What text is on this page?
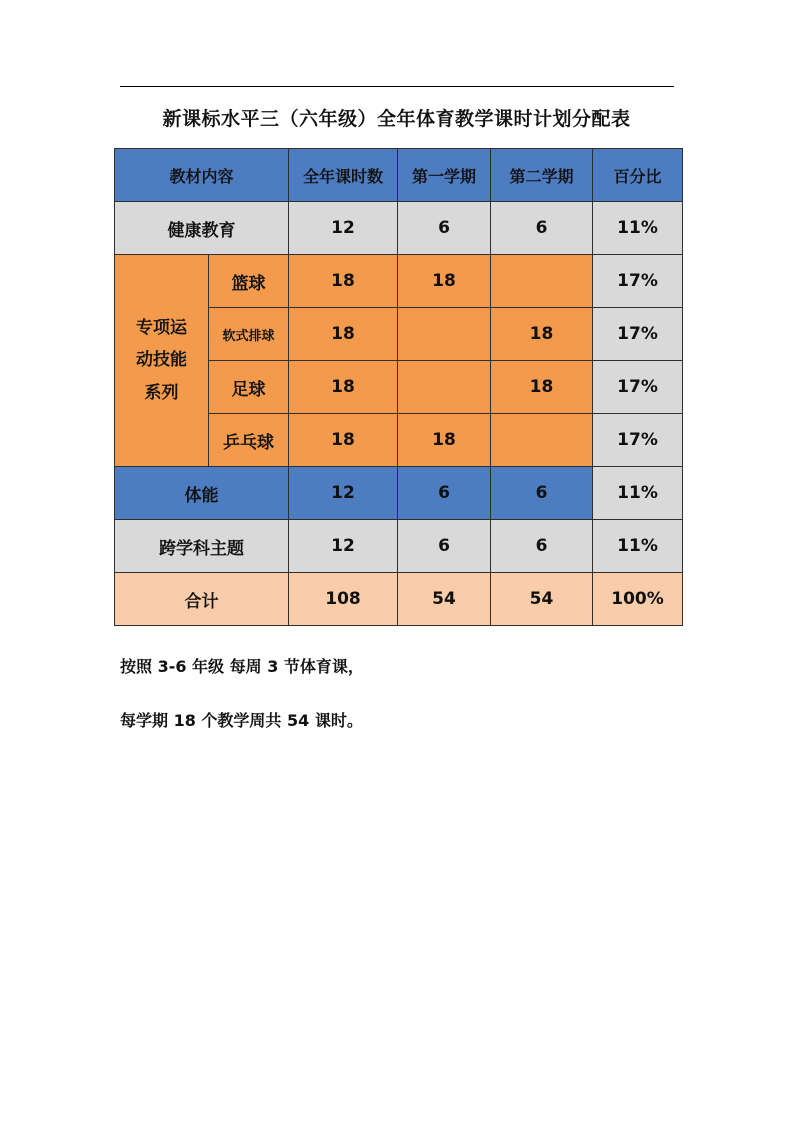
新课标水平三（六年级）全年体育教学课时计划分配表
教材内容		全年课时数	第一学期	第二学期	百分比
健康教育		12	6	6	11%

专项运
动技能
系列	篮球	18	18		17%
	软式排球	18		18	17%
	足球	18		18	17%
	乒乓球	18	18		17%
体能		12	6	6	11%
跨学科主题		12	6	6	11%
合计		108	54	54	100%
按照 3-6 年级 每周 3 节体育课，
每学期 18 个教学周共 54 课时。
